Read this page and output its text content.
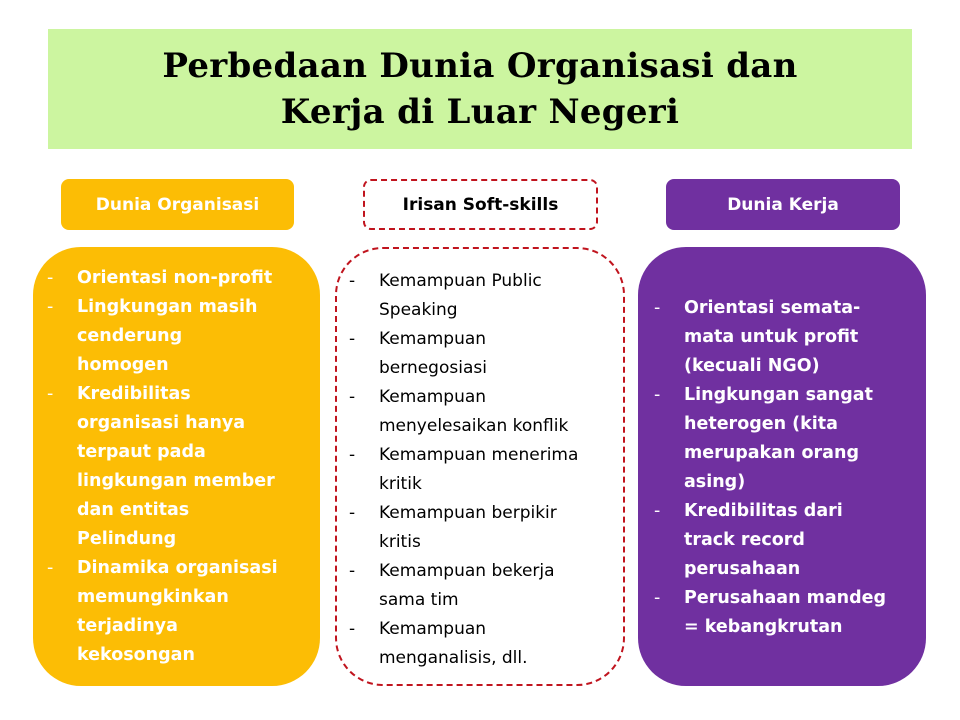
Perbedaan Dunia Organisasi dan
Kerja di Luar Negeri
Dunia Organisasi	Irisan Soft-skills	Dunia Kerja
-	Orientasi non-profit
-	Lingkungan masih
cenderung
homogen
-	Kredibilitas
organisasi hanya
terpaut pada
lingkungan member
dan entitas
Pelindung
-	Dinamika organisasi
memungkinkan
terjadinya
kekosongan
-	Kemampuan Public
Speaking
-	Kemampuan
bernegosiasi
-	Kemampuan
menyelesaikan konflik
-	Kemampuan menerima
kritik
-	Kemampuan berpikir
kritis
-	Kemampuan bekerja
sama tim
-	Kemampuan
menganalisis, dll.
-	Orientasi semata-
mata untuk profit
(kecuali NGO)
-	Lingkungan sangat
heterogen (kita
merupakan orang
asing)
-	Kredibilitas dari
track record
perusahaan
-	Perusahaan mandeg
= kebangkrutan
